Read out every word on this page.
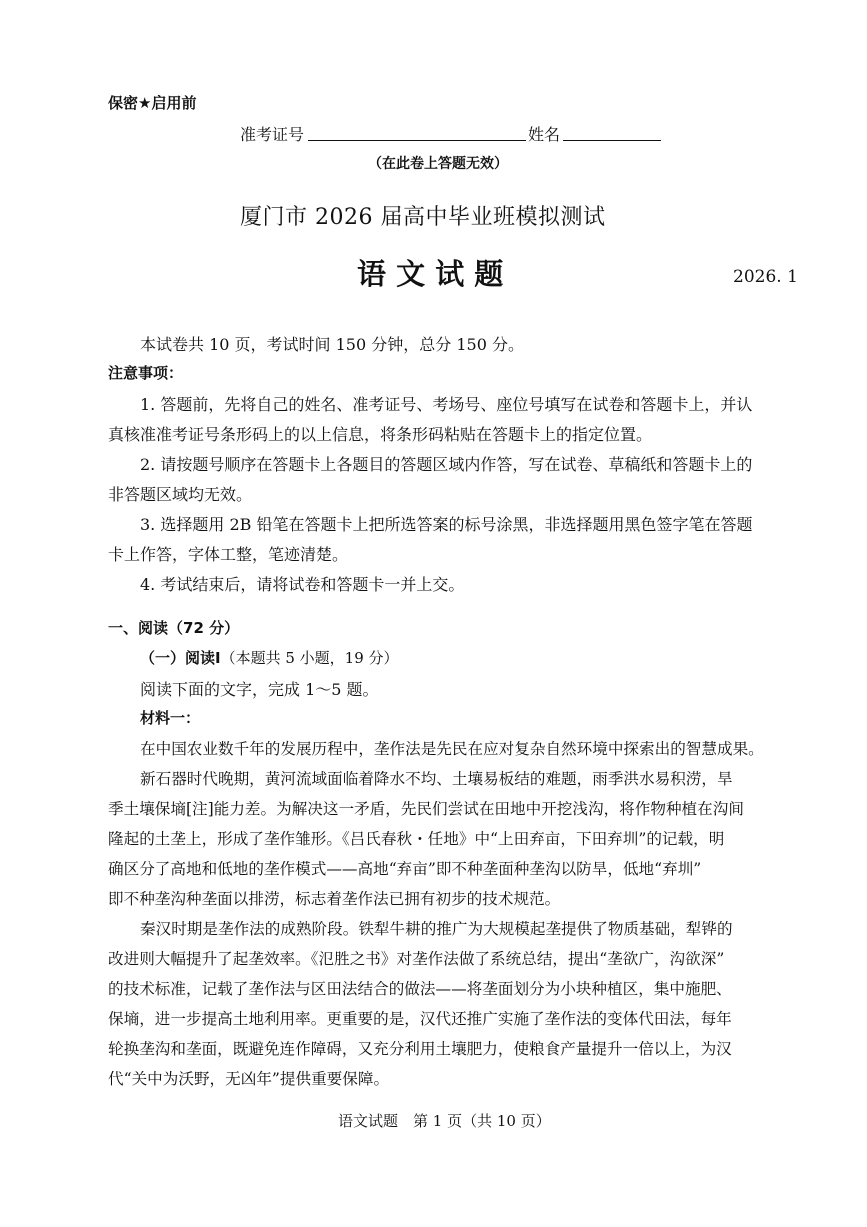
保密★启用前
准考证号	姓名
（在此卷上答题无效）
厦门市 2026 届高中毕业班模拟测试
语 文 试 题	2026. 1
本试卷共 10 页，考试时间 150 分钟，总分 150 分。
注意事项：
1. 答题前，先将自己的姓名、准考证号、考场号、座位号填写在试卷和答题卡上，并认
真核准准考证号条形码上的以上信息，将条形码粘贴在答题卡上的指定位置。
2. 请按题号顺序在答题卡上各题目的答题区域内作答，写在试卷、草稿纸和答题卡上的
非答题区域均无效。
3. 选择题用 2B 铅笔在答题卡上把所选答案的标号涂黑，非选择题用黑色签字笔在答题
卡上作答，字体工整，笔迹清楚。
4. 考试结束后，请将试卷和答题卡一并上交。
一、阅读（72 分）
（一）阅读Ⅰ（本题共 5 小题，19 分）
阅读下面的文字，完成 1～5 题。
材料一：
在中国农业数千年的发展历程中，垄作法是先民在应对复杂自然环境中探索出的智慧成果。
新石器时代晚期，黄河流域面临着降水不均、土壤易板结的难题，雨季洪水易积涝，旱
季土壤保墒[注]能力差。为解决这一矛盾，先民们尝试在田地中开挖浅沟，将作物种植在沟间
隆起的土垄上，形成了垄作雏形。《吕氏春秋・任地》中“上田弃亩，下田弃圳”的记载，明
确区分了高地和低地的垄作模式——高地“弃亩”即不种垄面种垄沟以防旱，低地“弃圳”
即不种垄沟种垄面以排涝，标志着垄作法已拥有初步的技术规范。
秦汉时期是垄作法的成熟阶段。铁犁牛耕的推广为大规模起垄提供了物质基础，犁铧的
改进则大幅提升了起垄效率。《氾胜之书》对垄作法做了系统总结，提出“垄欲广，沟欲深”
的技术标准，记载了垄作法与区田法结合的做法——将垄面划分为小块种植区，集中施肥、
保墒，进一步提高土地利用率。更重要的是，汉代还推广实施了垄作法的变体代田法，每年
轮换垄沟和垄面，既避免连作障碍，又充分利用土壤肥力，使粮食产量提升一倍以上，为汉
代“关中为沃野，无凶年”提供重要保障。
语文试题　第 1 页（共 10 页）
